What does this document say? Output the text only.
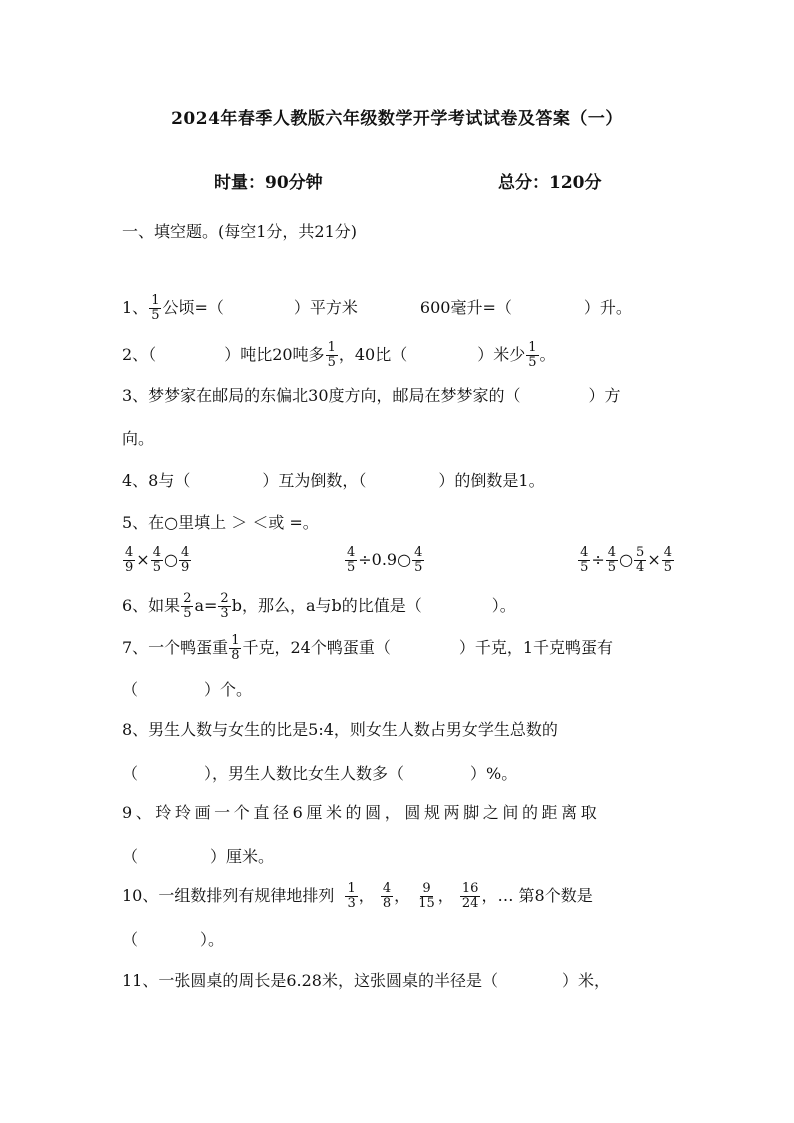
2024年春季人教版六年级数学开学考试试卷及答案（一）
时量：90分钟	总分：120分
一、填空题。(每空1分，共21分)
1、 $\frac{1}{5}$ 公顷=（	）平方米	600毫升=（	）升。
2、（	）吨比20吨多 $\frac{1}{5}$ ，40比（	）米少 $\frac{1}{5}$ 。
3、梦梦家在邮局的东偏北30度方向，邮局在梦梦家的（	）方
向。
4、8与（	）互为倒数，（	）的倒数是1。
5、在○里填上 ＞ ＜或 =。
$\frac{4}{9} \times \frac{4}{5}$ ○ $\frac{4}{9}$	$\frac{4}{5}$ ÷0.9○ $\frac{4}{5}$	$\frac{4}{5} \div \frac{4}{5}$ ○ $\frac{5}{4} \times \frac{4}{5}$
6、如果 $\frac{2}{5} a= \frac{2}{3}$ b，那么，a与b的比值是（	）。
7、一个鸭蛋重 $\frac{1}{8}$ 千克，24个鸭蛋重（	）千克，1千克鸭蛋有
（	）个。
8、男生人数与女生的比是5:4，则女生人数占男女学生总数的
（	），男生人数比女生人数多（	）%。
9、玲玲画一个直径6厘米的圆，圆规两脚之间的距离取
（	）厘米。
10、一组数排列有规律地排列 $\frac{1}{3}$ ， $\frac{4}{8}$ ， $\frac{9}{15}$ ， $\frac{16}{24}$ ，… 第8个数是
（	）。
11、一张圆桌的周长是6.28米，这张圆桌的半径是（	）米，
